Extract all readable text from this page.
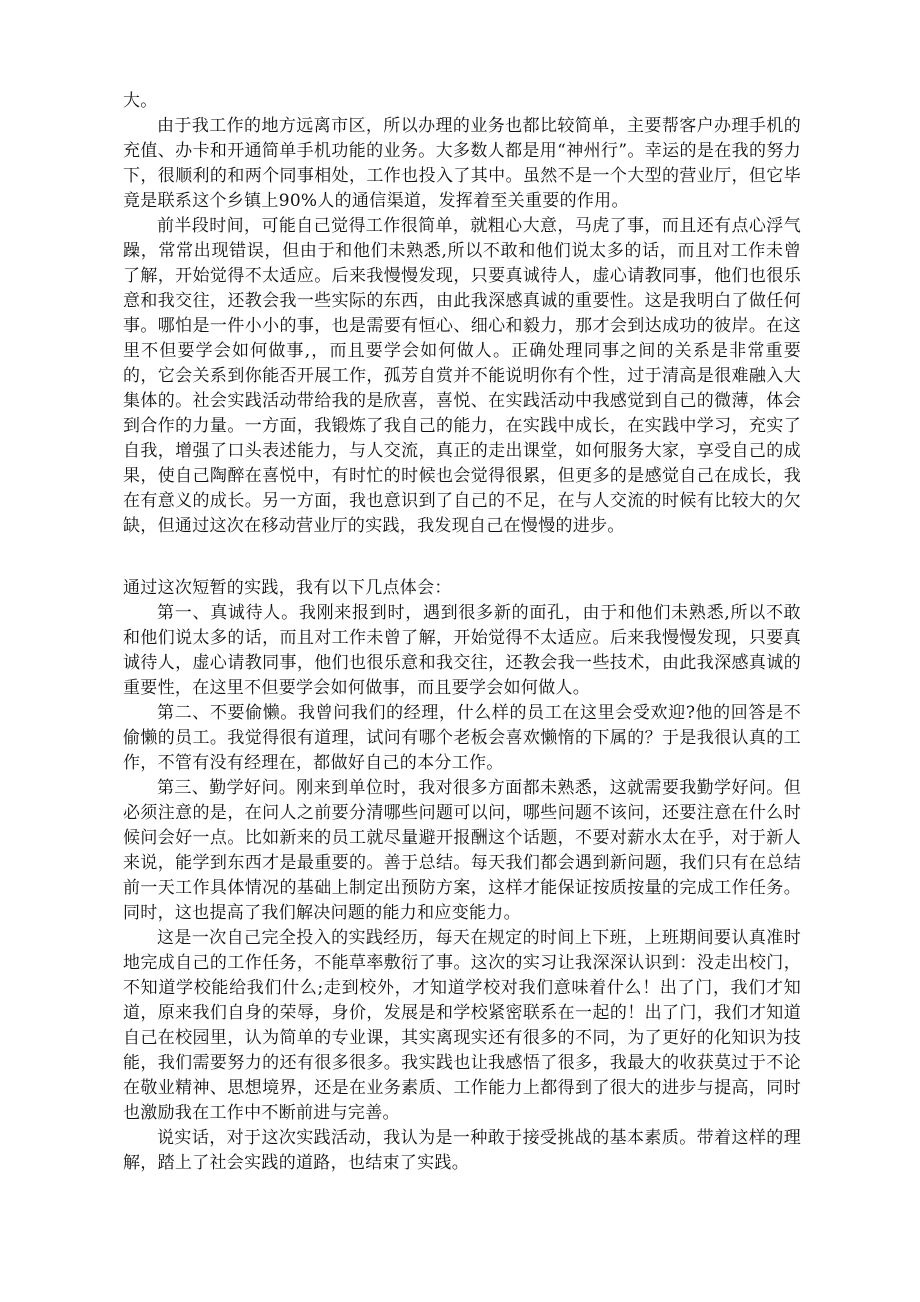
大。

由于我工作的地方远离市区，所以办理的业务也都比较简单，主要帮客户办理手机的充值、办卡和开通简单手机功能的业务。大多数人都是用“神州行”。幸运的是在我的努力下，很顺利的和两个同事相处，工作也投入了其中。虽然不是一个大型的营业厅，但它毕竟是联系这个乡镇上90%人的通信渠道，发挥着至关重要的作用。

前半段时间，可能自己觉得工作很简单，就粗心大意，马虎了事，而且还有点心浮气躁，常常出现错误，但由于和他们未熟悉,所以不敢和他们说太多的话，而且对工作未曾了解，开始觉得不太适应。后来我慢慢发现，只要真诚待人，虚心请教同事，他们也很乐意和我交往，还教会我一些实际的东西，由此我深感真诚的重要性。这是我明白了做任何事。哪怕是一件小小的事，也是需要有恒心、细心和毅力，那才会到达成功的彼岸。在这里不但要学会如何做事,，而且要学会如何做人。正确处理同事之间的关系是非常重要的，它会关系到你能否开展工作，孤芳自赏并不能说明你有个性，过于清高是很难融入大集体的。社会实践活动带给我的是欣喜，喜悦、在实践活动中我感觉到自己的微薄，体会到合作的力量。一方面，我锻炼了我自己的能力，在实践中成长，在实践中学习，充实了自我，增强了口头表述能力，与人交流，真正的走出课堂，如何服务大家，享受自己的成果，使自己陶醉在喜悦中，有时忙的时候也会觉得很累，但更多的是感觉自己在成长，我在有意义的成长。另一方面，我也意识到了自己的不足，在与人交流的时候有比较大的欠缺，但通过这次在移动营业厅的实践，我发现自己在慢慢的进步。

通过这次短暂的实践，我有以下几点体会：

第一、真诚待人。我刚来报到时，遇到很多新的面孔，由于和他们未熟悉,所以不敢和他们说太多的话，而且对工作未曾了解，开始觉得不太适应。后来我慢慢发现，只要真诚待人，虚心请教同事，他们也很乐意和我交往，还教会我一些技术，由此我深感真诚的重要性，在这里不但要学会如何做事，而且要学会如何做人。

第二、不要偷懒。我曾问我们的经理，什么样的员工在这里会受欢迎?他的回答是不偷懒的员工。我觉得很有道理，试问有哪个老板会喜欢懒惰的下属的？于是我很认真的工作，不管有没有经理在，都做好自己的本分工作。

第三、勤学好问。刚来到单位时，我对很多方面都未熟悉，这就需要我勤学好问。但必须注意的是，在问人之前要分清哪些问题可以问，哪些问题不该问，还要注意在什么时候问会好一点。比如新来的员工就尽量避开报酬这个话题，不要对薪水太在乎，对于新人来说，能学到东西才是最重要的。善于总结。每天我们都会遇到新问题，我们只有在总结前一天工作具体情况的基础上制定出预防方案，这样才能保证按质按量的完成工作任务。同时，这也提高了我们解决问题的能力和应变能力。

这是一次自己完全投入的实践经历，每天在规定的时间上下班，上班期间要认真准时地完成自己的工作任务，不能草率敷衍了事。这次的实习让我深深认识到：没走出校门，不知道学校能给我们什么;走到校外，才知道学校对我们意味着什么！出了门，我们才知道，原来我们自身的荣辱，身价，发展是和学校紧密联系在一起的！出了门，我们才知道自己在校园里，认为简单的专业课，其实离现实还有很多的不同，为了更好的化知识为技能，我们需要努力的还有很多很多。我实践也让我感悟了很多，我最大的收获莫过于不论在敬业精神、思想境界，还是在业务素质、工作能力上都得到了很大的进步与提高，同时也激励我在工作中不断前进与完善。

说实话，对于这次实践活动，我认为是一种敢于接受挑战的基本素质。带着这样的理解，踏上了社会实践的道路，也结束了实践。
